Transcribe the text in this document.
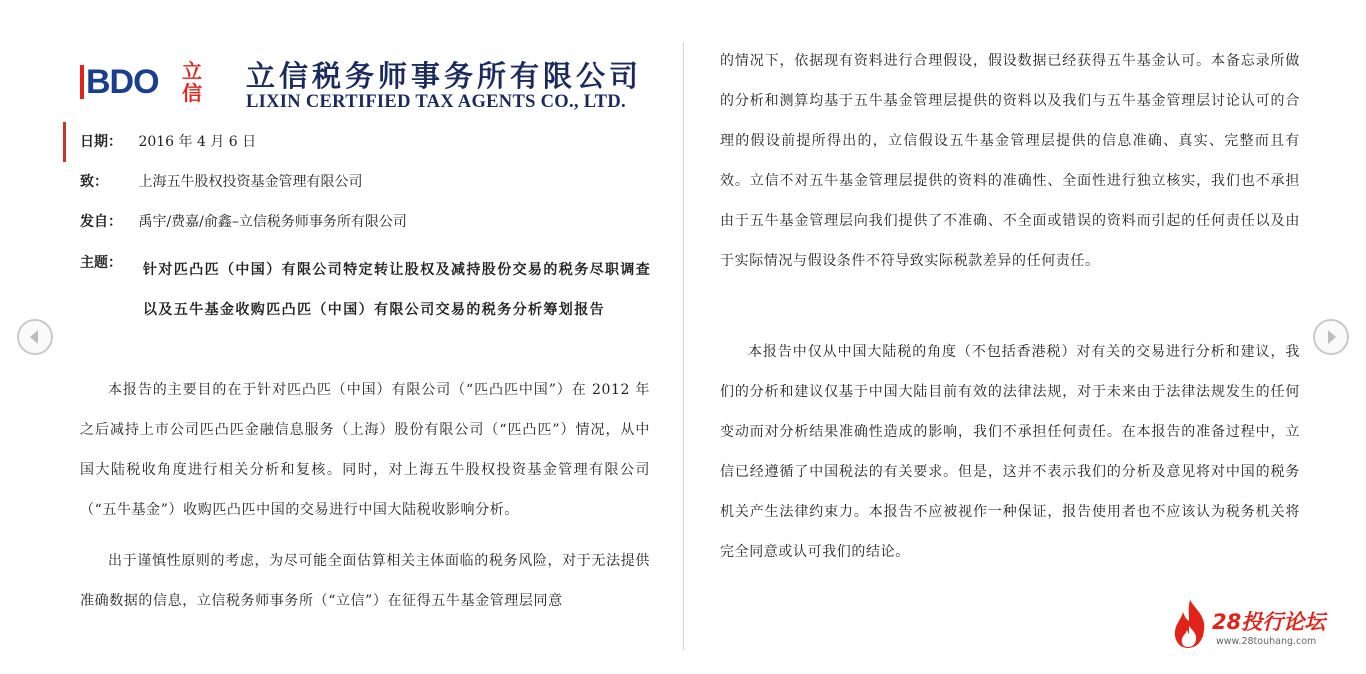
BDO 立信	立信税务师事务所有限公司
LIXIN CERTIFIED TAX AGENTS CO., LTD.
日期： 2016 年 4 月 6 日
致： 上海五牛股权投资基金管理有限公司
发自： 禹宇/费嘉/俞鑫–立信税务师事务所有限公司
主题： 针对匹凸匹（中国）有限公司特定转让股权及减持股份交易的税务尽职调查以及五牛基金收购匹凸匹（中国）有限公司交易的税务分析筹划报告

本报告的主要目的在于针对匹凸匹（中国）有限公司（“匹凸匹中国”）在 2012 年之后减持上市公司匹凸匹金融信息服务（上海）股份有限公司（“匹凸匹”）情况，从中国大陆税收角度进行相关分析和复核。同时，对上海五牛股权投资基金管理有限公司（“五牛基金”）收购匹凸匹中国的交易进行中国大陆税收影响分析。

出于谨慎性原则的考虑，为尽可能全面估算相关主体面临的税务风险，对于无法提供准确数据的信息，立信税务师事务所（“立信”）在征得五牛基金管理层同意

的情况下，依据现有资料进行合理假设，假设数据已经获得五牛基金认可。本备忘录所做的分析和测算均基于五牛基金管理层提供的资料以及我们与五牛基金管理层讨论认可的合理的假设前提所得出的，立信假设五牛基金管理层提供的信息准确、真实、完整而且有效。立信不对五牛基金管理层提供的资料的准确性、全面性进行独立核实，我们也不承担由于五牛基金管理层向我们提供了不准确、不全面或错误的资料而引起的任何责任以及由于实际情况与假设条件不符导致实际税款差异的任何责任。

本报告中仅从中国大陆税的角度（不包括香港税）对有关的交易进行分析和建议，我们的分析和建议仅基于中国大陆目前有效的法律法规，对于未来由于法律法规发生的任何变动而对分析结果准确性造成的影响，我们不承担任何责任。在本报告的准备过程中，立信已经遵循了中国税法的有关要求。但是，这并不表示我们的分析及意见将对中国的税务机关产生法律约束力。本报告不应被视作一种保证，报告使用者也不应该认为税务机关将完全同意或认可我们的结论。

28投行论坛
www.28touhang.com
